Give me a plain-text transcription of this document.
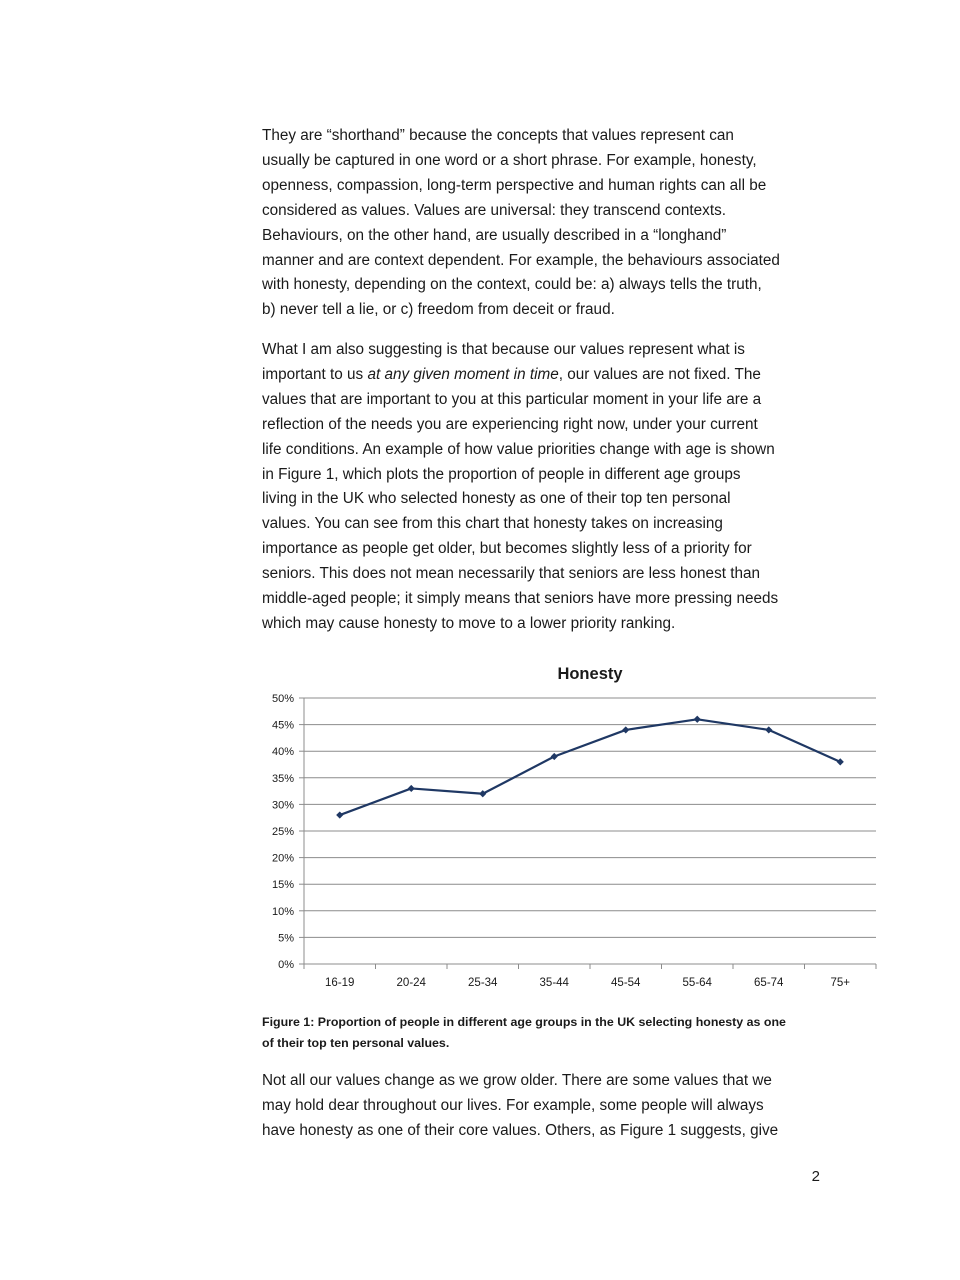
They are “shorthand” because the concepts that values represent can
usually be captured in one word or a short phrase. For example, honesty,
openness, compassion, long-term perspective and human rights can all be
considered as values. Values are universal: they transcend contexts.
Behaviours, on the other hand, are usually described in a “longhand”
manner and are context dependent. For example, the behaviours associated
with honesty, depending on the context, could be: a) always tells the truth,
b) never tell a lie, or c) freedom from deceit or fraud.
What I am also suggesting is that because our values represent what is
important to us at any given moment in time, our values are not fixed. The
values that are important to you at this particular moment in your life are a
reflection of the needs you are experiencing right now, under your current
life conditions. An example of how value priorities change with age is shown
in Figure 1, which plots the proportion of people in different age groups
living in the UK who selected honesty as one of their top ten personal
values. You can see from this chart that honesty takes on increasing
importance as people get older, but becomes slightly less of a priority for
seniors. This does not mean necessarily that seniors are less honest than
middle-aged people; it simply means that seniors have more pressing needs
which may cause honesty to move to a lower priority ranking.
Honesty
0%
5%
10%
15%
20%
25%
30%
35%
40%
45%
50%
16-19	20-24	25-34	35-44	45-54	55-64	65-74	75+
Figure 1: Proportion of people in different age groups in the UK selecting honesty as one
of their top ten personal values.
Not all our values change as we grow older. There are some values that we
may hold dear throughout our lives. For example, some people will always
have honesty as one of their core values. Others, as Figure 1 suggests, give
2
